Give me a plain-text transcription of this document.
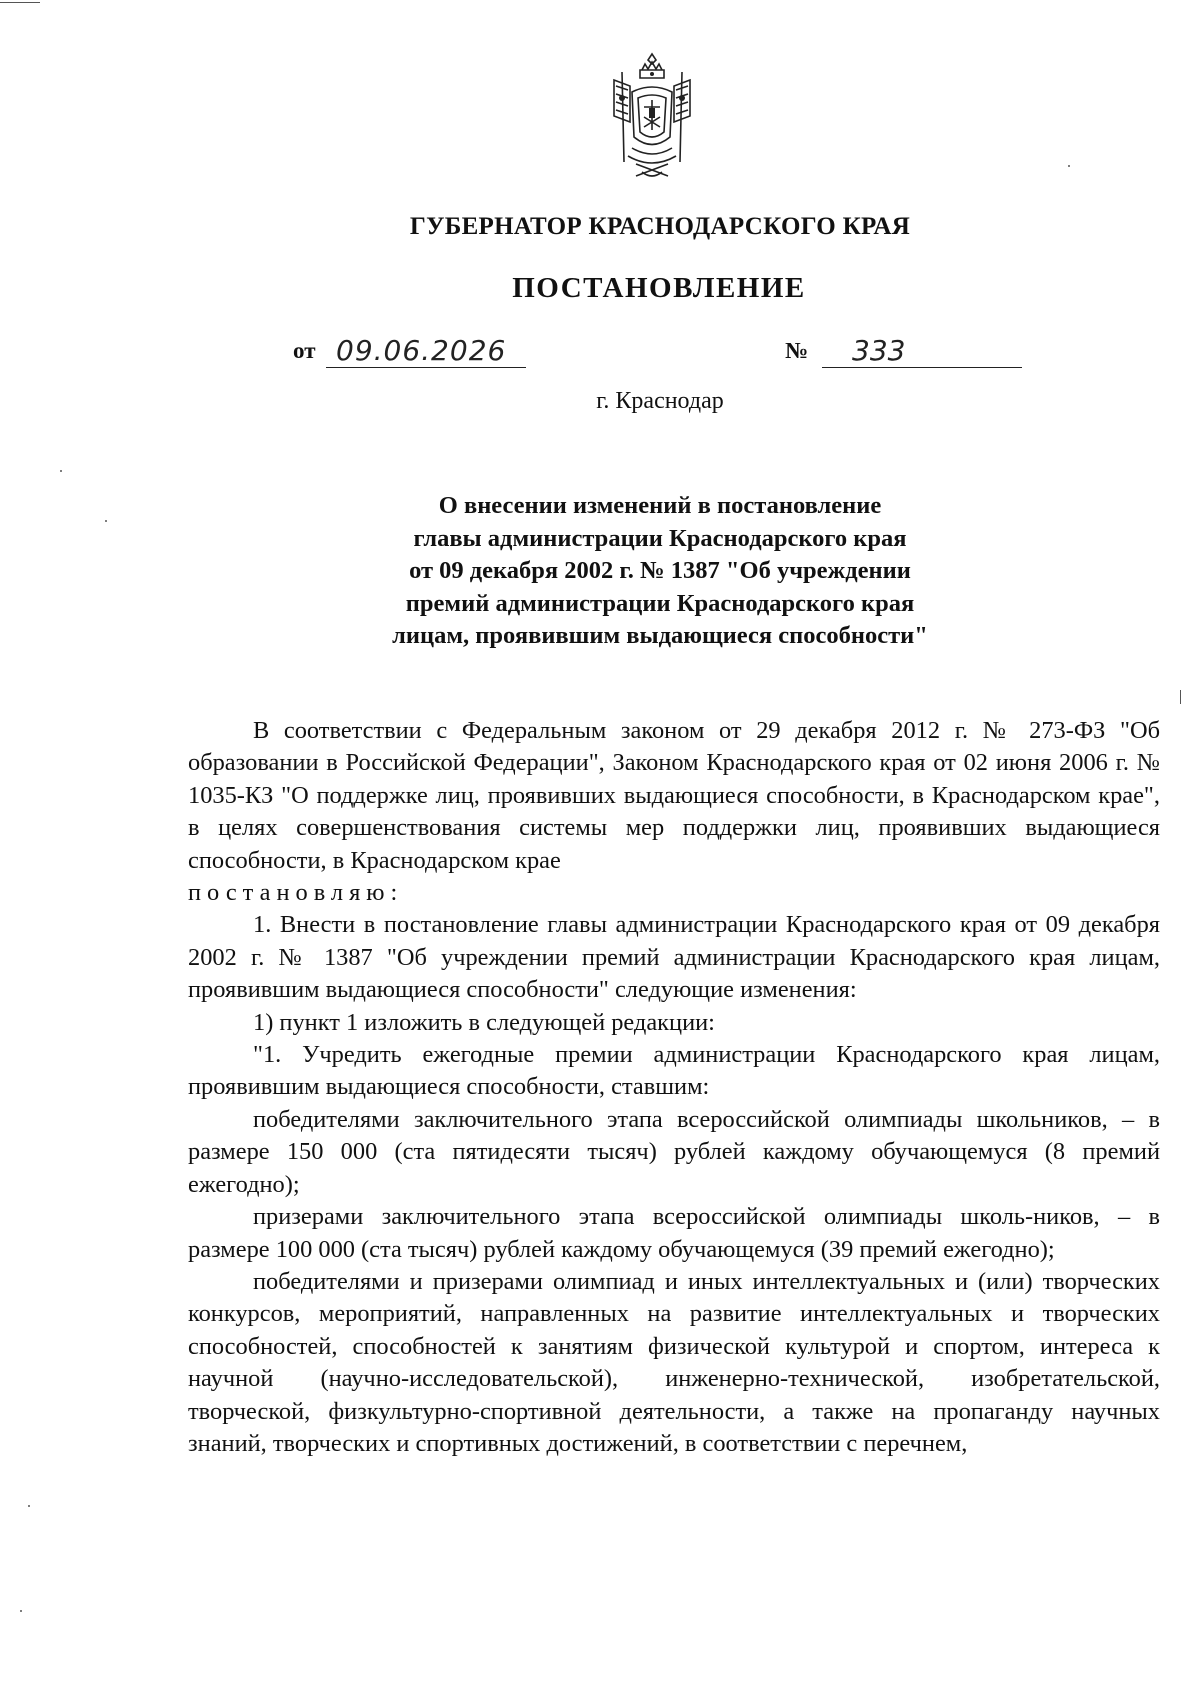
ГУБЕРНАТОР КРАСНОДАРСКОГО КРАЯ
ПОСТАНОВЛЕНИЕ
от 09.06.2026	№	333
г. Краснодар
О внесении изменений в постановление
главы администрации Краснодарского края
от 09 декабря 2002 г. № 1387 "Об учреждении
премий администрации Краснодарского края
лицам, проявившим выдающиеся способности"

В соответствии с Федеральным законом от 29 декабря 2012 г. № 273-ФЗ "Об образовании в Российской Федерации", Законом Краснодарского края от 02 июня 2006 г. № 1035-КЗ "О поддержке лиц, проявивших выдающиеся способности, в Краснодарском крае", в целях совершенствования системы мер поддержки лиц, проявивших выдающиеся способности, в Краснодарском крае

постановляю:

1. Внести в постановление главы администрации Краснодарского края от 09 декабря 2002 г. № 1387 "Об учреждении премий администрации Краснодарского края лицам, проявившим выдающиеся способности" следующие изменения:

1) пункт 1 изложить в следующей редакции:

"1. Учредить ежегодные премии администрации Краснодарского края лицам, проявившим выдающиеся способности, ставшим:

победителями заключительного этапа всероссийской олимпиады школьников, – в размере 150 000 (ста пятидесяти тысяч) рублей каждому обучающемуся (8 премий ежегодно);

призерами заключительного этапа всероссийской олимпиады школь-ников, – в размере 100 000 (ста тысяч) рублей каждому обучающемуся (39 премий ежегодно);

победителями и призерами олимпиад и иных интеллектуальных и (или) творческих конкурсов, мероприятий, направленных на развитие интеллектуальных и творческих способностей, способностей к занятиям физической культурой и спортом, интереса к научной (научно-исследовательской), инженерно-технической, изобретательской, творческой, физкультурно-спортивной деятельности, а также на пропаганду научных знаний, творческих и спортивных достижений, в соответствии с перечнем,
